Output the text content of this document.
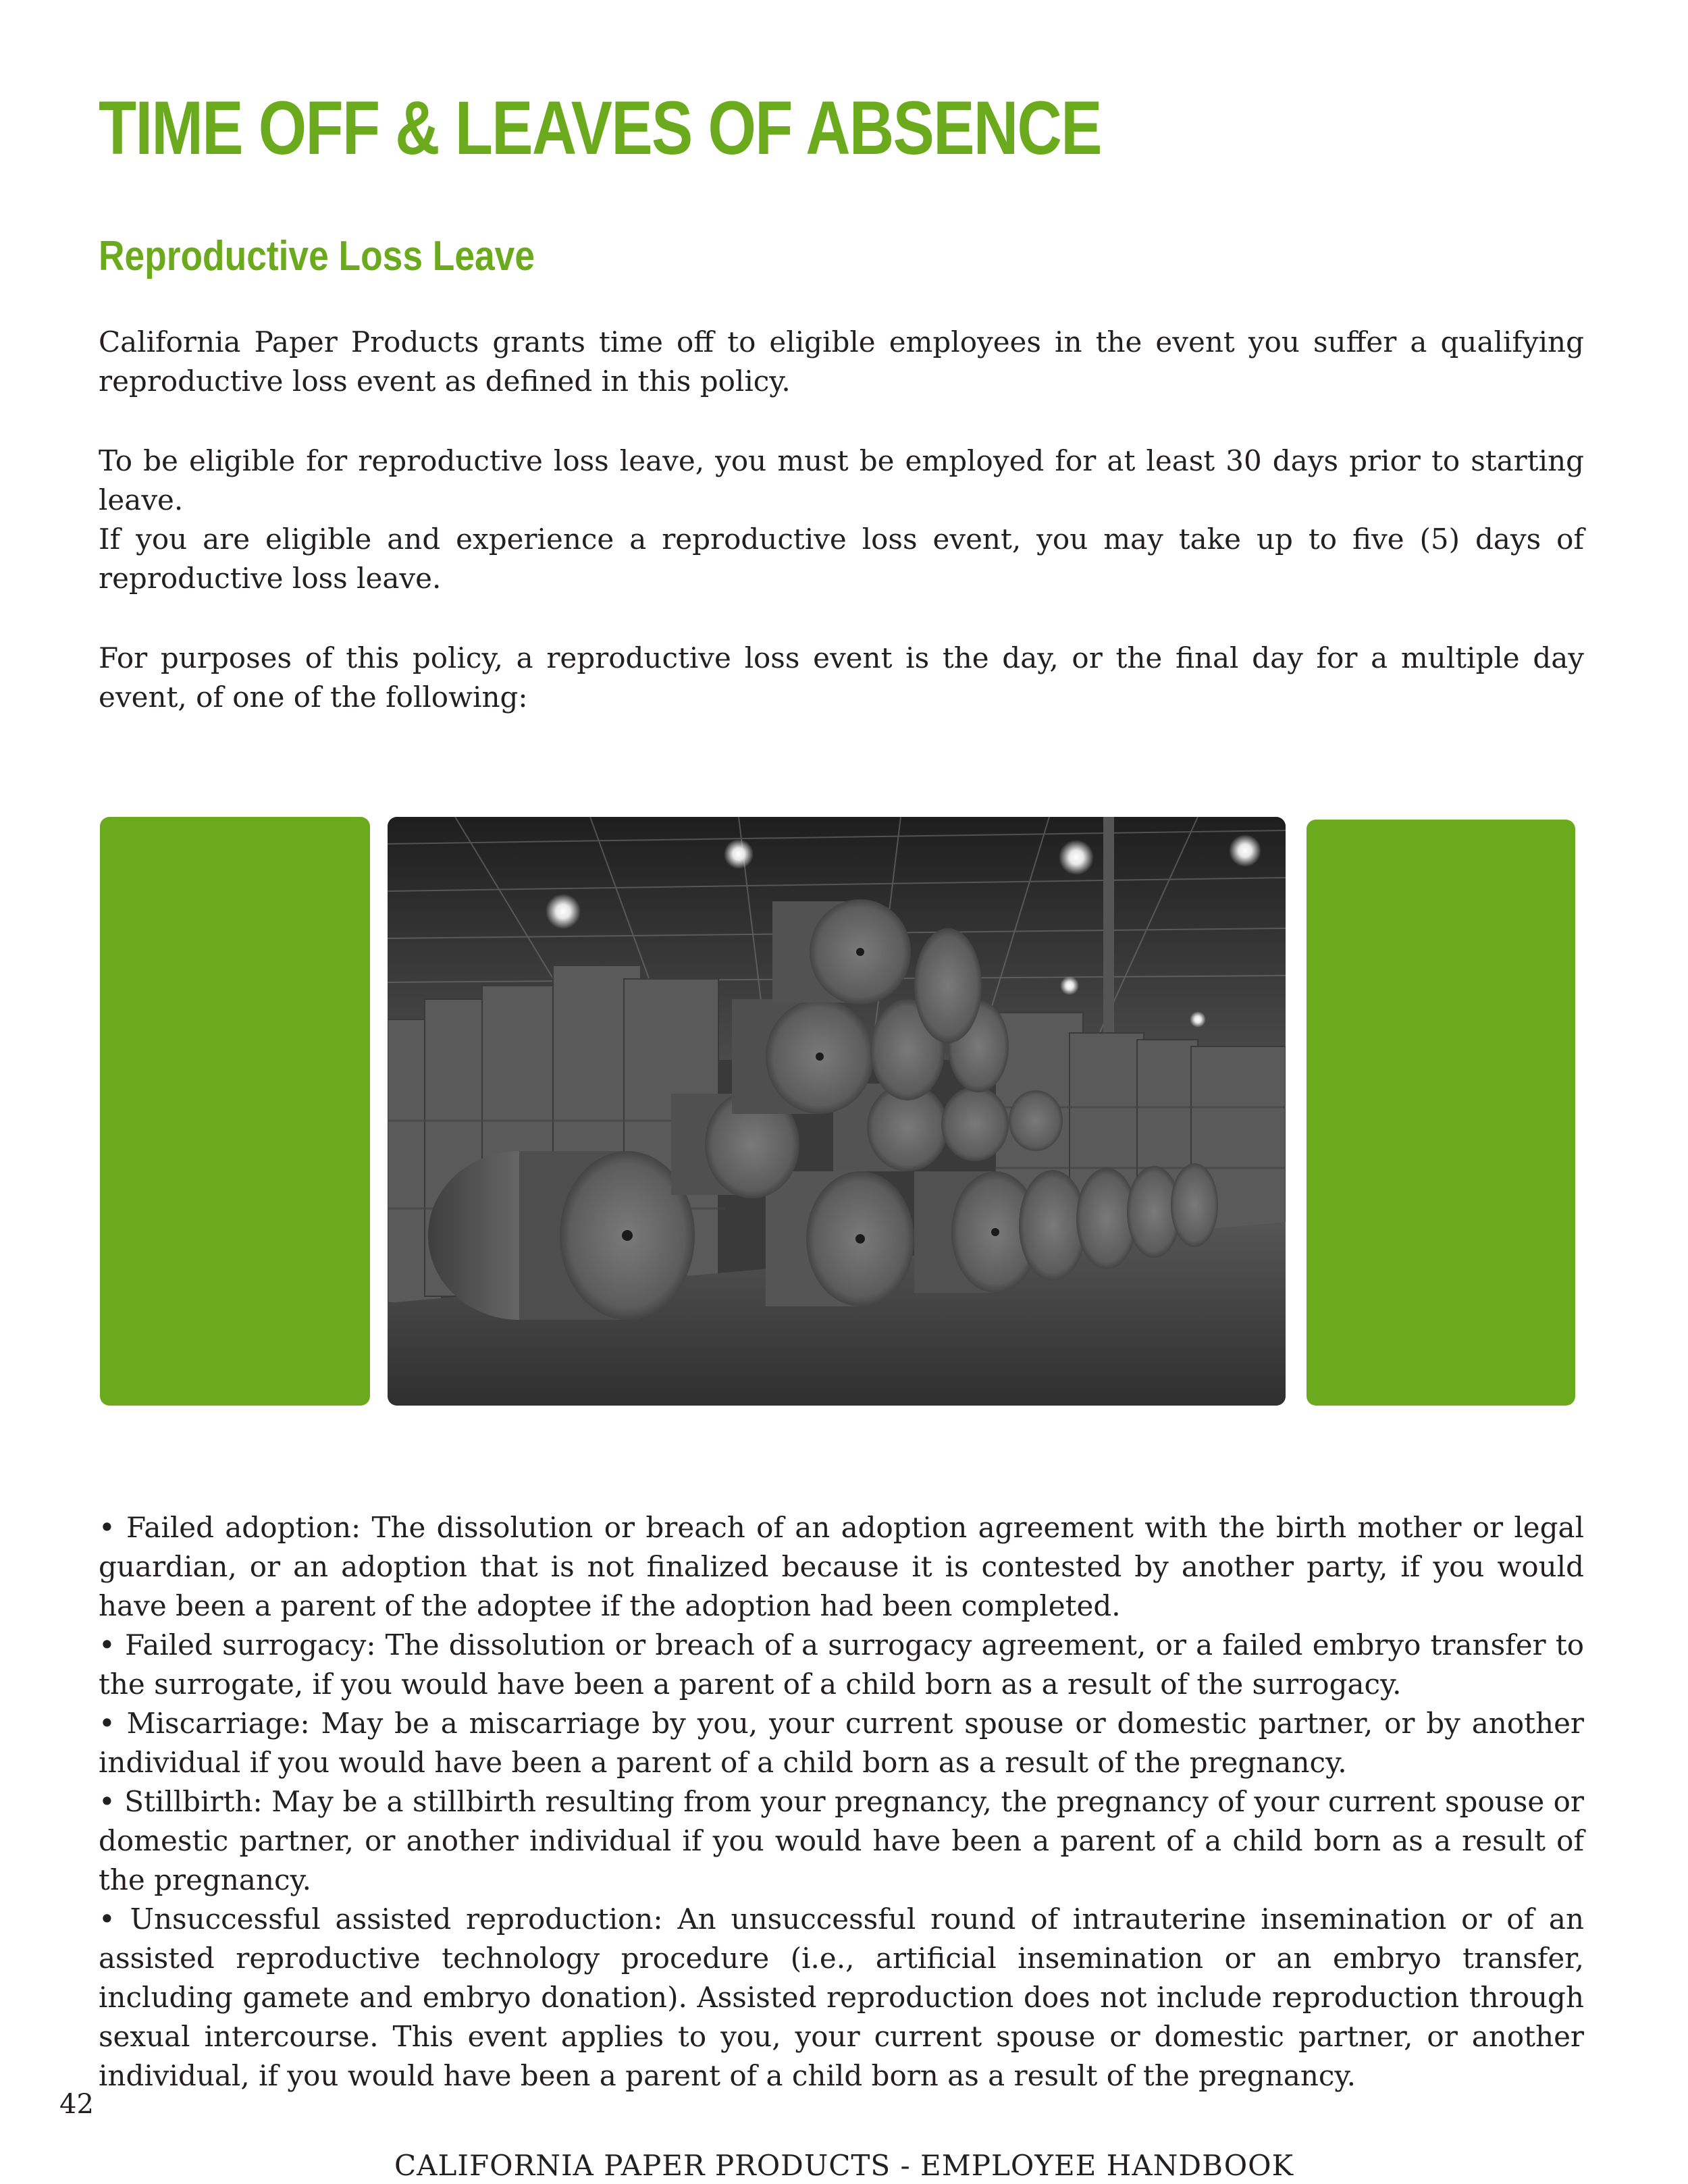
TIME OFF & LEAVES OF ABSENCE
Reproductive Loss Leave

California Paper Products grants time off to eligible employees in the event you suffer a qualifying reproductive loss event as defined in this policy.

To be eligible for reproductive loss leave, you must be employed for at least 30 days prior to starting leave.

If you are eligible and experience a reproductive loss event, you may take up to five (5) days of reproductive loss leave.

For purposes of this policy, a reproductive loss event is the day, or the final day for a multiple day event, of one of the following:

• Failed adoption: The dissolution or breach of an adoption agreement with the birth mother or legal guardian, or an adoption that is not finalized because it is contested by another party, if you would have been a parent of the adoptee if the adoption had been completed.
• Failed surrogacy: The dissolution or breach of a surrogacy agreement, or a failed embryo transfer to the surrogate, if you would have been a parent of a child born as a result of the surrogacy.
• Miscarriage: May be a miscarriage by you, your current spouse or domestic partner, or by another individual if you would have been a parent of a child born as a result of the pregnancy.
• Stillbirth: May be a stillbirth resulting from your pregnancy, the pregnancy of your current spouse or domestic partner, or another individual if you would have been a parent of a child born as a result of the pregnancy.
• Unsuccessful assisted reproduction: An unsuccessful round of intrauterine insemination or of an assisted reproductive technology procedure (i.e., artificial insemination or an embryo transfer, including gamete and embryo donation). Assisted reproduction does not include reproduction through sexual intercourse. This event applies to you, your current spouse or domestic partner, or another individual, if you would have been a parent of a child born as a result of the pregnancy.
42
CALIFORNIA PAPER PRODUCTS - EMPLOYEE HANDBOOK
